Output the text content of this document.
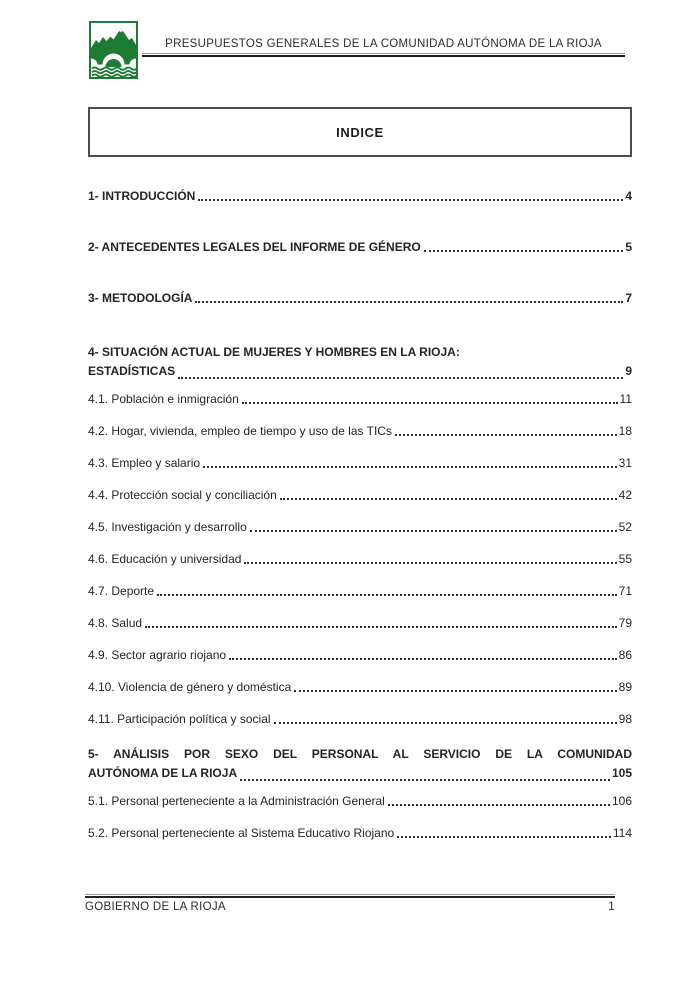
PRESUPUESTOS GENERALES DE LA COMUNIDAD AUTÓNOMA DE LA RIOJA
INDICE
1- INTRODUCCIÓN	4
2- ANTECEDENTES LEGALES DEL INFORME DE GÉNERO	5
3- METODOLOGÍA	7
4- SITUACIÓN ACTUAL DE MUJERES Y HOMBRES EN LA RIOJA:
ESTADÍSTICAS	9
4.1. Población e inmigración	11
4.2. Hogar, vivienda, empleo de tiempo y uso de las TICs	18
4.3. Empleo y salario	31
4.4. Protección social y conciliación	42
4.5. Investigación y desarrollo	52
4.6. Educación y universidad	55
4.7. Deporte	71
4.8. Salud	79
4.9. Sector agrario riojano	86
4.10. Violencia de género y doméstica	89
4.11. Participación política y social	98
5- ANÁLISIS POR SEXO DEL PERSONAL AL SERVICIO DE LA COMUNIDAD
AUTÓNOMA DE LA RIOJA	105
5.1. Personal perteneciente a la Administración General	106
5.2. Personal perteneciente al Sistema Educativo Riojano	114
GOBIERNO DE LA RIOJA	1
